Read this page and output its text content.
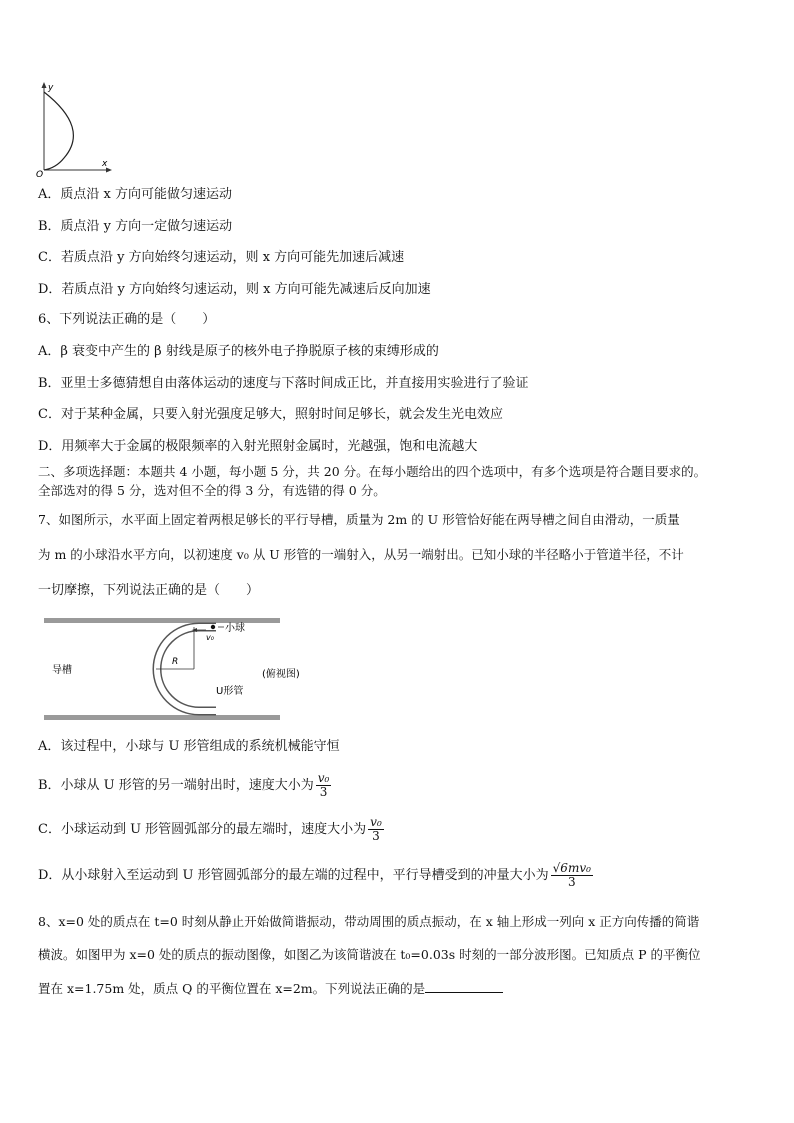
y
x
O
A．质点沿 x 方向可能做匀速运动
B．质点沿 y 方向一定做匀速运动
C．若质点沿 y 方向始终匀速运动，则 x 方向可能先加速后减速
D．若质点沿 y 方向始终匀速运动，则 x 方向可能先减速后反向加速
6、下列说法正确的是（　　）
A．β 衰变中产生的 β 射线是原子的核外电子挣脱原子核的束缚形成的
B．亚里士多德猜想自由落体运动的速度与下落时间成正比，并直接用实验进行了验证
C．对于某种金属，只要入射光强度足够大，照射时间足够长，就会发生光电效应
D．用频率大于金属的极限频率的入射光照射金属时，光越强，饱和电流越大
二、多项选择题：本题共 4 小题，每小题 5 分，共 20 分。在每小题给出的四个选项中，有多个选项是符合题目要求的。
全部选对的得 5 分，选对但不全的得 3 分，有选错的得 0 分。
7、如图所示，水平面上固定着两根足够长的平行导槽，质量为 2m 的 U 形管恰好能在两导槽之间自由滑动，一质量
为 m 的小球沿水平方向，以初速度 v₀ 从 U 形管的一端射入，从另一端射出。已知小球的半径略小于管道半径，不计
一切摩擦，下列说法正确的是（　　）
导槽
小球
v₀
R
U形管
(俯视图)
A．该过程中，小球与 U 形管组成的系统机械能守恒
B．小球从 U 形管的另一端射出时，速度大小为 $\frac{\text{v₀}}{3}$
C．小球运动到 U 形管圆弧部分的最左端时，速度大小为 $\frac{\text{v₀}}{3}$
D．从小球射入至运动到 U 形管圆弧部分的最左端的过程中，平行导槽受到的冲量大小为 $\frac{\text{√6mv₀}}{3}$
8、x=0 处的质点在 t=0 时刻从静止开始做简谐振动，带动周围的质点振动，在 x 轴上形成一列向 x 正方向传播的简谐
横波。如图甲为 x=0 处的质点的振动图像，如图乙为该简谐波在 t₀=0.03s 时刻的一部分波形图。已知质点 P 的平衡位
置在 x=1.75m 处，质点 Q 的平衡位置在 x=2m。下列说法正确的是
